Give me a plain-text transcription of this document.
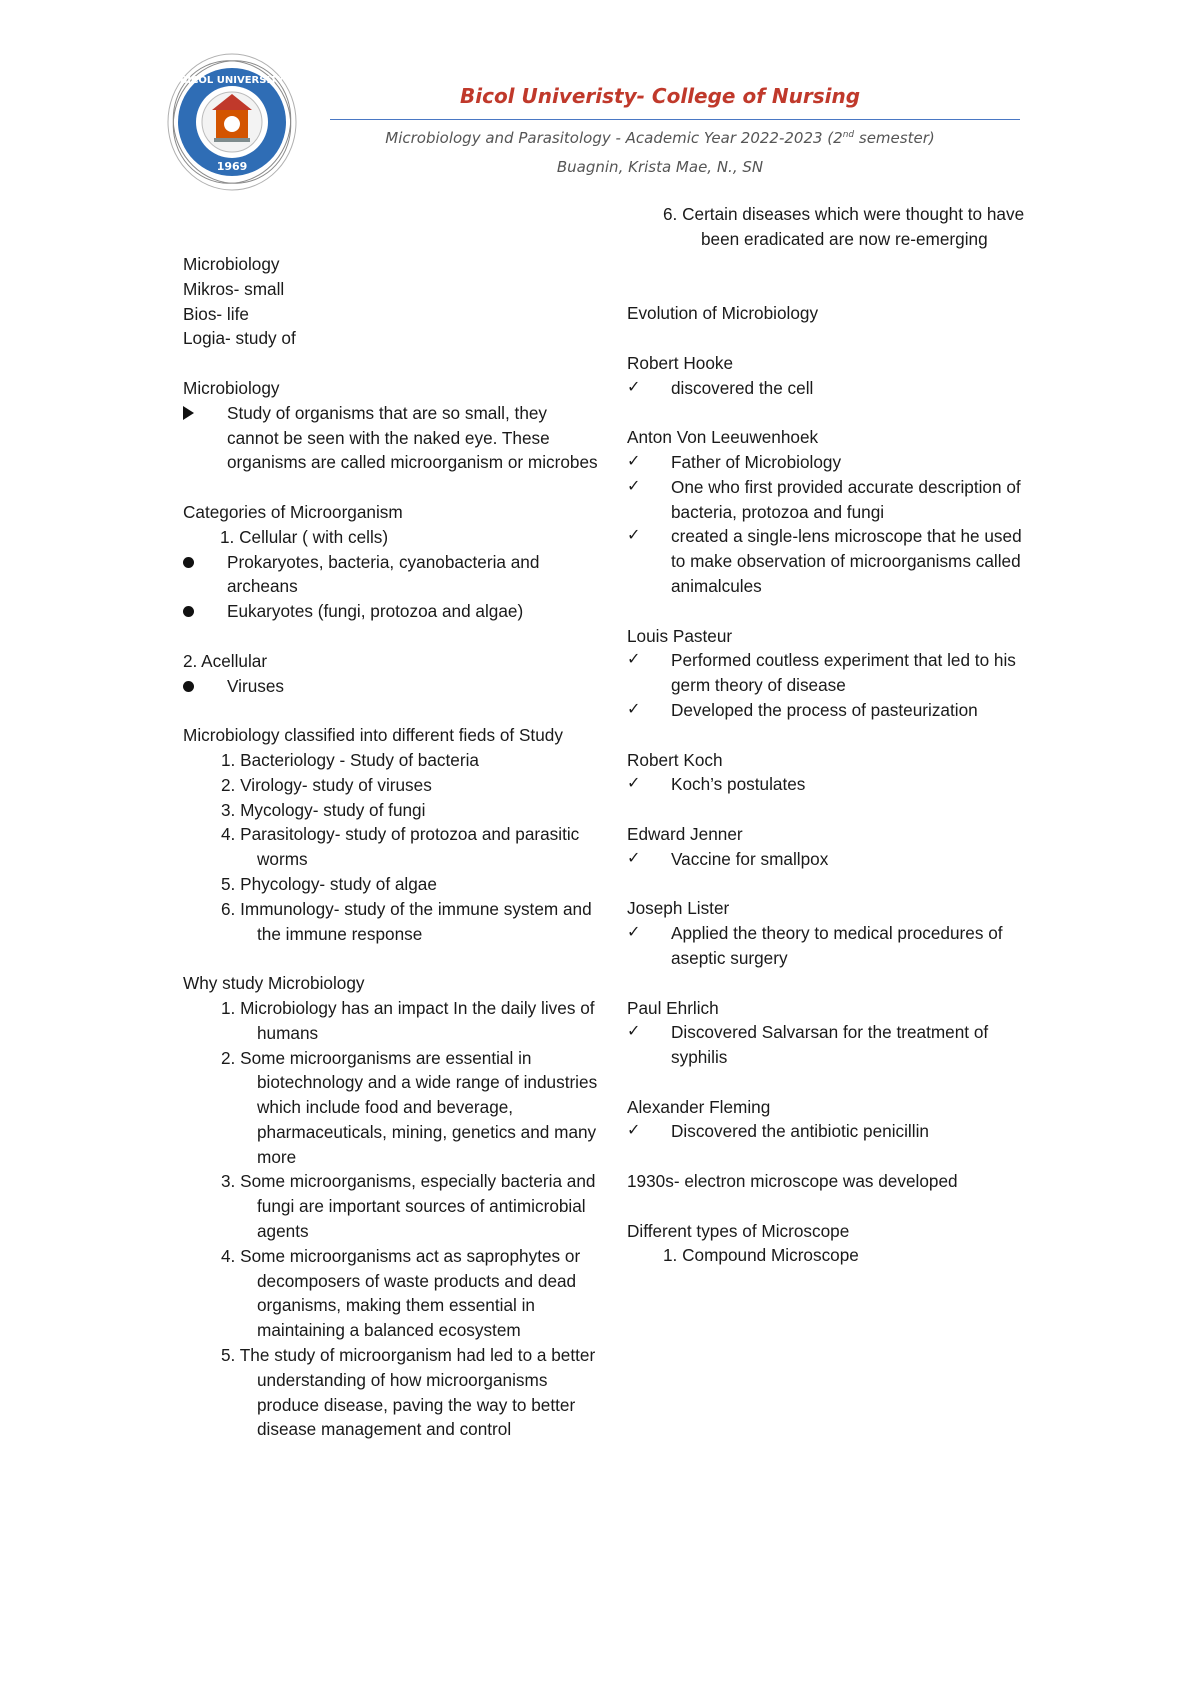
BICOL UNIVERSITY
1969
Bicol Univeristy- College of Nursing
Microbiology and Parasitology - Academic Year 2022-2023 (2nd semester)
Buagnin, Krista Mae, N., SN
Microbiology
Mikros- small
Bios- life
Logia- study of
Microbiology
Study of organisms that are so small, they cannot be seen with the naked eye. These organisms are called microorganism or microbes
Categories of Microorganism
1. Cellular ( with cells)
Prokaryotes, bacteria, cyanobacteria and archeans
Eukaryotes (fungi, protozoa and algae)
2. Acellular
Viruses
Microbiology classified into different fieds of Study
1. Bacteriology - Study of bacteria
2. Virology- study of viruses
3. Mycology- study of fungi
4. Parasitology- study of protozoa and parasitic worms
5. Phycology- study of algae
6. Immunology- study of the immune system and the immune response
Why study Microbiology
1. Microbiology has an impact In the daily lives of humans
2. Some microorganisms are essential in biotechnology and a wide range of industries which include food and beverage, pharmaceuticals, mining, genetics and many more
3. Some microorganisms, especially bacteria and fungi are important sources of antimicrobial agents
4. Some microorganisms act as saprophytes or decomposers of waste products and dead organisms, making them essential in maintaining a balanced ecosystem
5. The study of microorganism had led to a better understanding of how microorganisms produce disease, paving the way to better disease management and control
6. Certain diseases which were thought to have been eradicated are now re-emerging
Evolution of Microbiology
Robert Hooke
✓	discovered the cell
Anton Von Leeuwenhoek
✓	Father of Microbiology
✓	One who first provided accurate description of bacteria, protozoa and fungi
✓	created a single-lens microscope that he used to make observation of microorganisms called animalcules
Louis Pasteur
✓	Performed coutless experiment that led to his germ theory of disease
✓	Developed the process of pasteurization
Robert Koch
✓	Koch’s postulates
Edward Jenner
✓	Vaccine for smallpox
Joseph Lister
✓	Applied the theory to medical procedures of aseptic surgery
Paul Ehrlich
✓	Discovered Salvarsan for the treatment of syphilis
Alexander Fleming
✓	Discovered the antibiotic penicillin
1930s- electron microscope was developed
Different types of Microscope
1. Compound Microscope
